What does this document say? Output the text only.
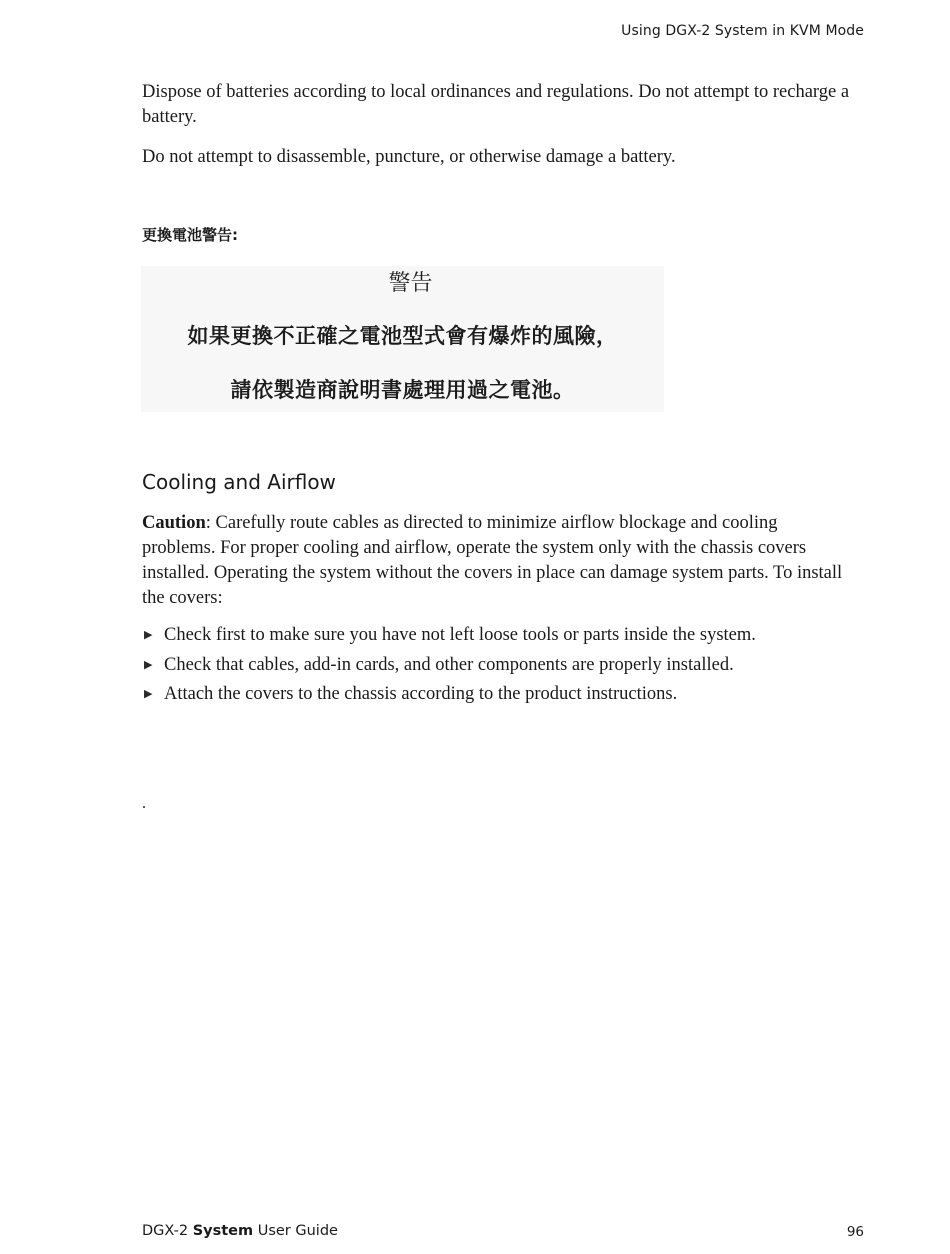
Using DGX-2 System in KVM Mode

Dispose of batteries according to local ordinances and regulations. Do not attempt to recharge a battery.

Do not attempt to disassemble, puncture, or otherwise damage a battery.

更換電池警告:
警告
如果更換不正確之電池型式會有爆炸的風險，
請依製造商說明書處理用過之電池。
Cooling and Airflow

Caution: Carefully route cables as directed to minimize airflow blockage and cooling problems. For proper cooling and airflow, operate the system only with the chassis covers installed. Operating the system without the covers in place can damage system parts. To install the covers:

▶ Check first to make sure you have not left loose tools or parts inside the system.
▶ Check that cables, add-in cards, and other components are properly installed.
▶ Attach the covers to the chassis according to the product instructions.
.
DGX-2 System User Guide	96
